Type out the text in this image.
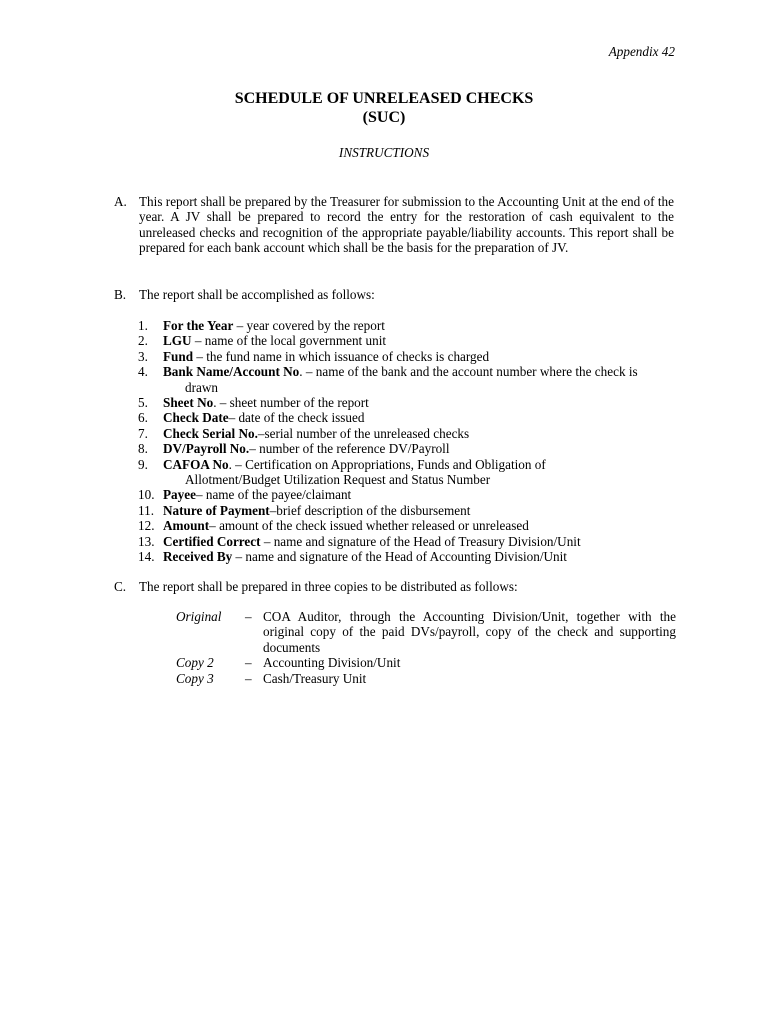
Appendix 42
SCHEDULE OF UNRELEASED CHECKS
(SUC)
INSTRUCTIONS
A. This report shall be prepared by the Treasurer for submission to the Accounting Unit at the end of the year. A JV shall be prepared to record the entry for the restoration of cash equivalent to the unreleased checks and recognition of the appropriate payable/liability accounts. This report shall be prepared for each bank account which shall be the basis for the preparation of JV.
B. The report shall be accomplished as follows:
1. For the Year – year covered by the report
2. LGU – name of the local government unit
3. Fund – the fund name in which issuance of checks is charged
4. Bank Name/Account No. – name of the bank and the account number where the check is
drawn
5. Sheet No. – sheet number of the report
6. Check Date– date of the check issued
7. Check Serial No.–serial number of the unreleased checks
8. DV/Payroll No.– number of the reference DV/Payroll
9. CAFOA No. – Certification on Appropriations, Funds and Obligation of
Allotment/Budget Utilization Request and Status Number
10. Payee– name of the payee/claimant
11. Nature of Payment–brief description of the disbursement
12. Amount– amount of the check issued whether released or unreleased
13. Certified Correct – name and signature of the Head of Treasury Division/Unit
14. Received By – name and signature of the Head of Accounting Division/Unit
C. The report shall be prepared in three copies to be distributed as follows:
Original – COA Auditor, through the Accounting Division/Unit, together with the original copy of the paid DVs/payroll, copy of the check and supporting documents
Copy 2 – Accounting Division/Unit
Copy 3 – Cash/Treasury Unit
